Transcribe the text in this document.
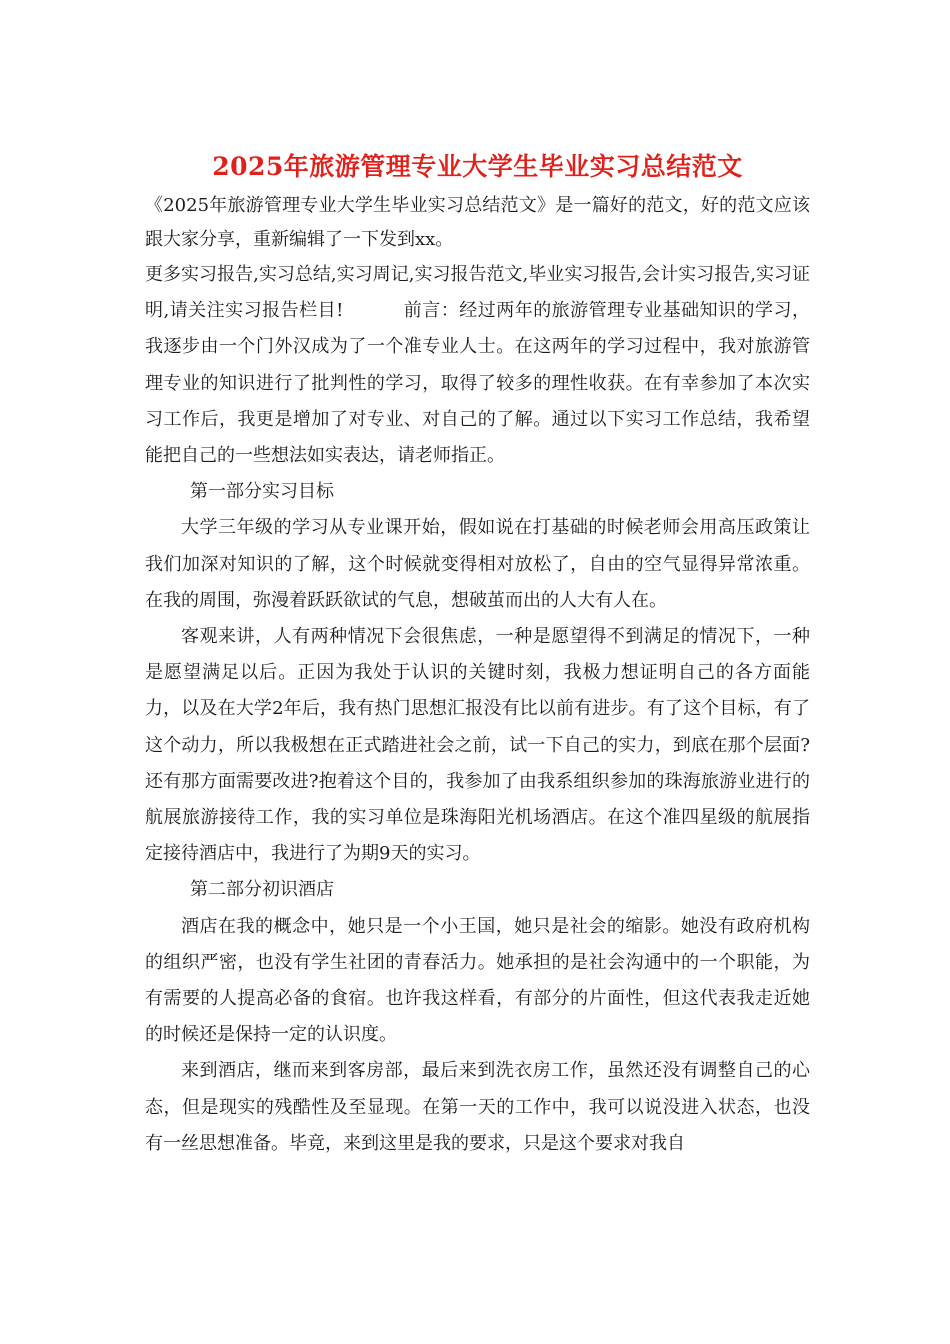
2025年旅游管理专业大学生毕业实习总结范文

《2025年旅游管理专业大学生毕业实习总结范文》是一篇好的范文，好的范文应该跟大家分享，重新编辑了一下发到xx。

更多实习报告,实习总结,实习周记,实习报告范文,毕业实习报告,会计实习报告,实习证明,请关注实习报告栏目!	前言：经过两年的旅游管理专业基础知识的学习，我逐步由一个门外汉成为了一个准专业人士。在这两年的学习过程中，我对旅游管理专业的知识进行了批判性的学习，取得了较多的理性收获。在有幸参加了本次实习工作后，我更是增加了对专业、对自己的了解。通过以下实习工作总结，我希望能把自己的一些想法如实表达，请老师指正。

第一部分实习目标

大学三年级的学习从专业课开始，假如说在打基础的时候老师会用高压政策让我们加深对知识的了解，这个时候就变得相对放松了，自由的空气显得异常浓重。在我的周围，弥漫着跃跃欲试的气息，想破茧而出的人大有人在。

客观来讲，人有两种情况下会很焦虑，一种是愿望得不到满足的情况下，一种是愿望满足以后。正因为我处于认识的关键时刻，我极力想证明自己的各方面能力，以及在大学2年后，我有热门思想汇报没有比以前有进步。有了这个目标，有了这个动力，所以我极想在正式踏进社会之前，试一下自己的实力，到底在那个层面?还有那方面需要改进?抱着这个目的，我参加了由我系组织参加的珠海旅游业进行的航展旅游接待工作，我的实习单位是珠海阳光机场酒店。在这个准四星级的航展指定接待酒店中，我进行了为期9天的实习。

第二部分初识酒店

酒店在我的概念中，她只是一个小王国，她只是社会的缩影。她没有政府机构的组织严密，也没有学生社团的青春活力。她承担的是社会沟通中的一个职能，为有需要的人提高必备的食宿。也许我这样看，有部分的片面性，但这代表我走近她的时候还是保持一定的认识度。

来到酒店，继而来到客房部，最后来到洗衣房工作，虽然还没有调整自己的心态，但是现实的残酷性及至显现。在第一天的工作中，我可以说没进入状态，也没有一丝思想准备。毕竟，来到这里是我的要求，只是这个要求对我自
